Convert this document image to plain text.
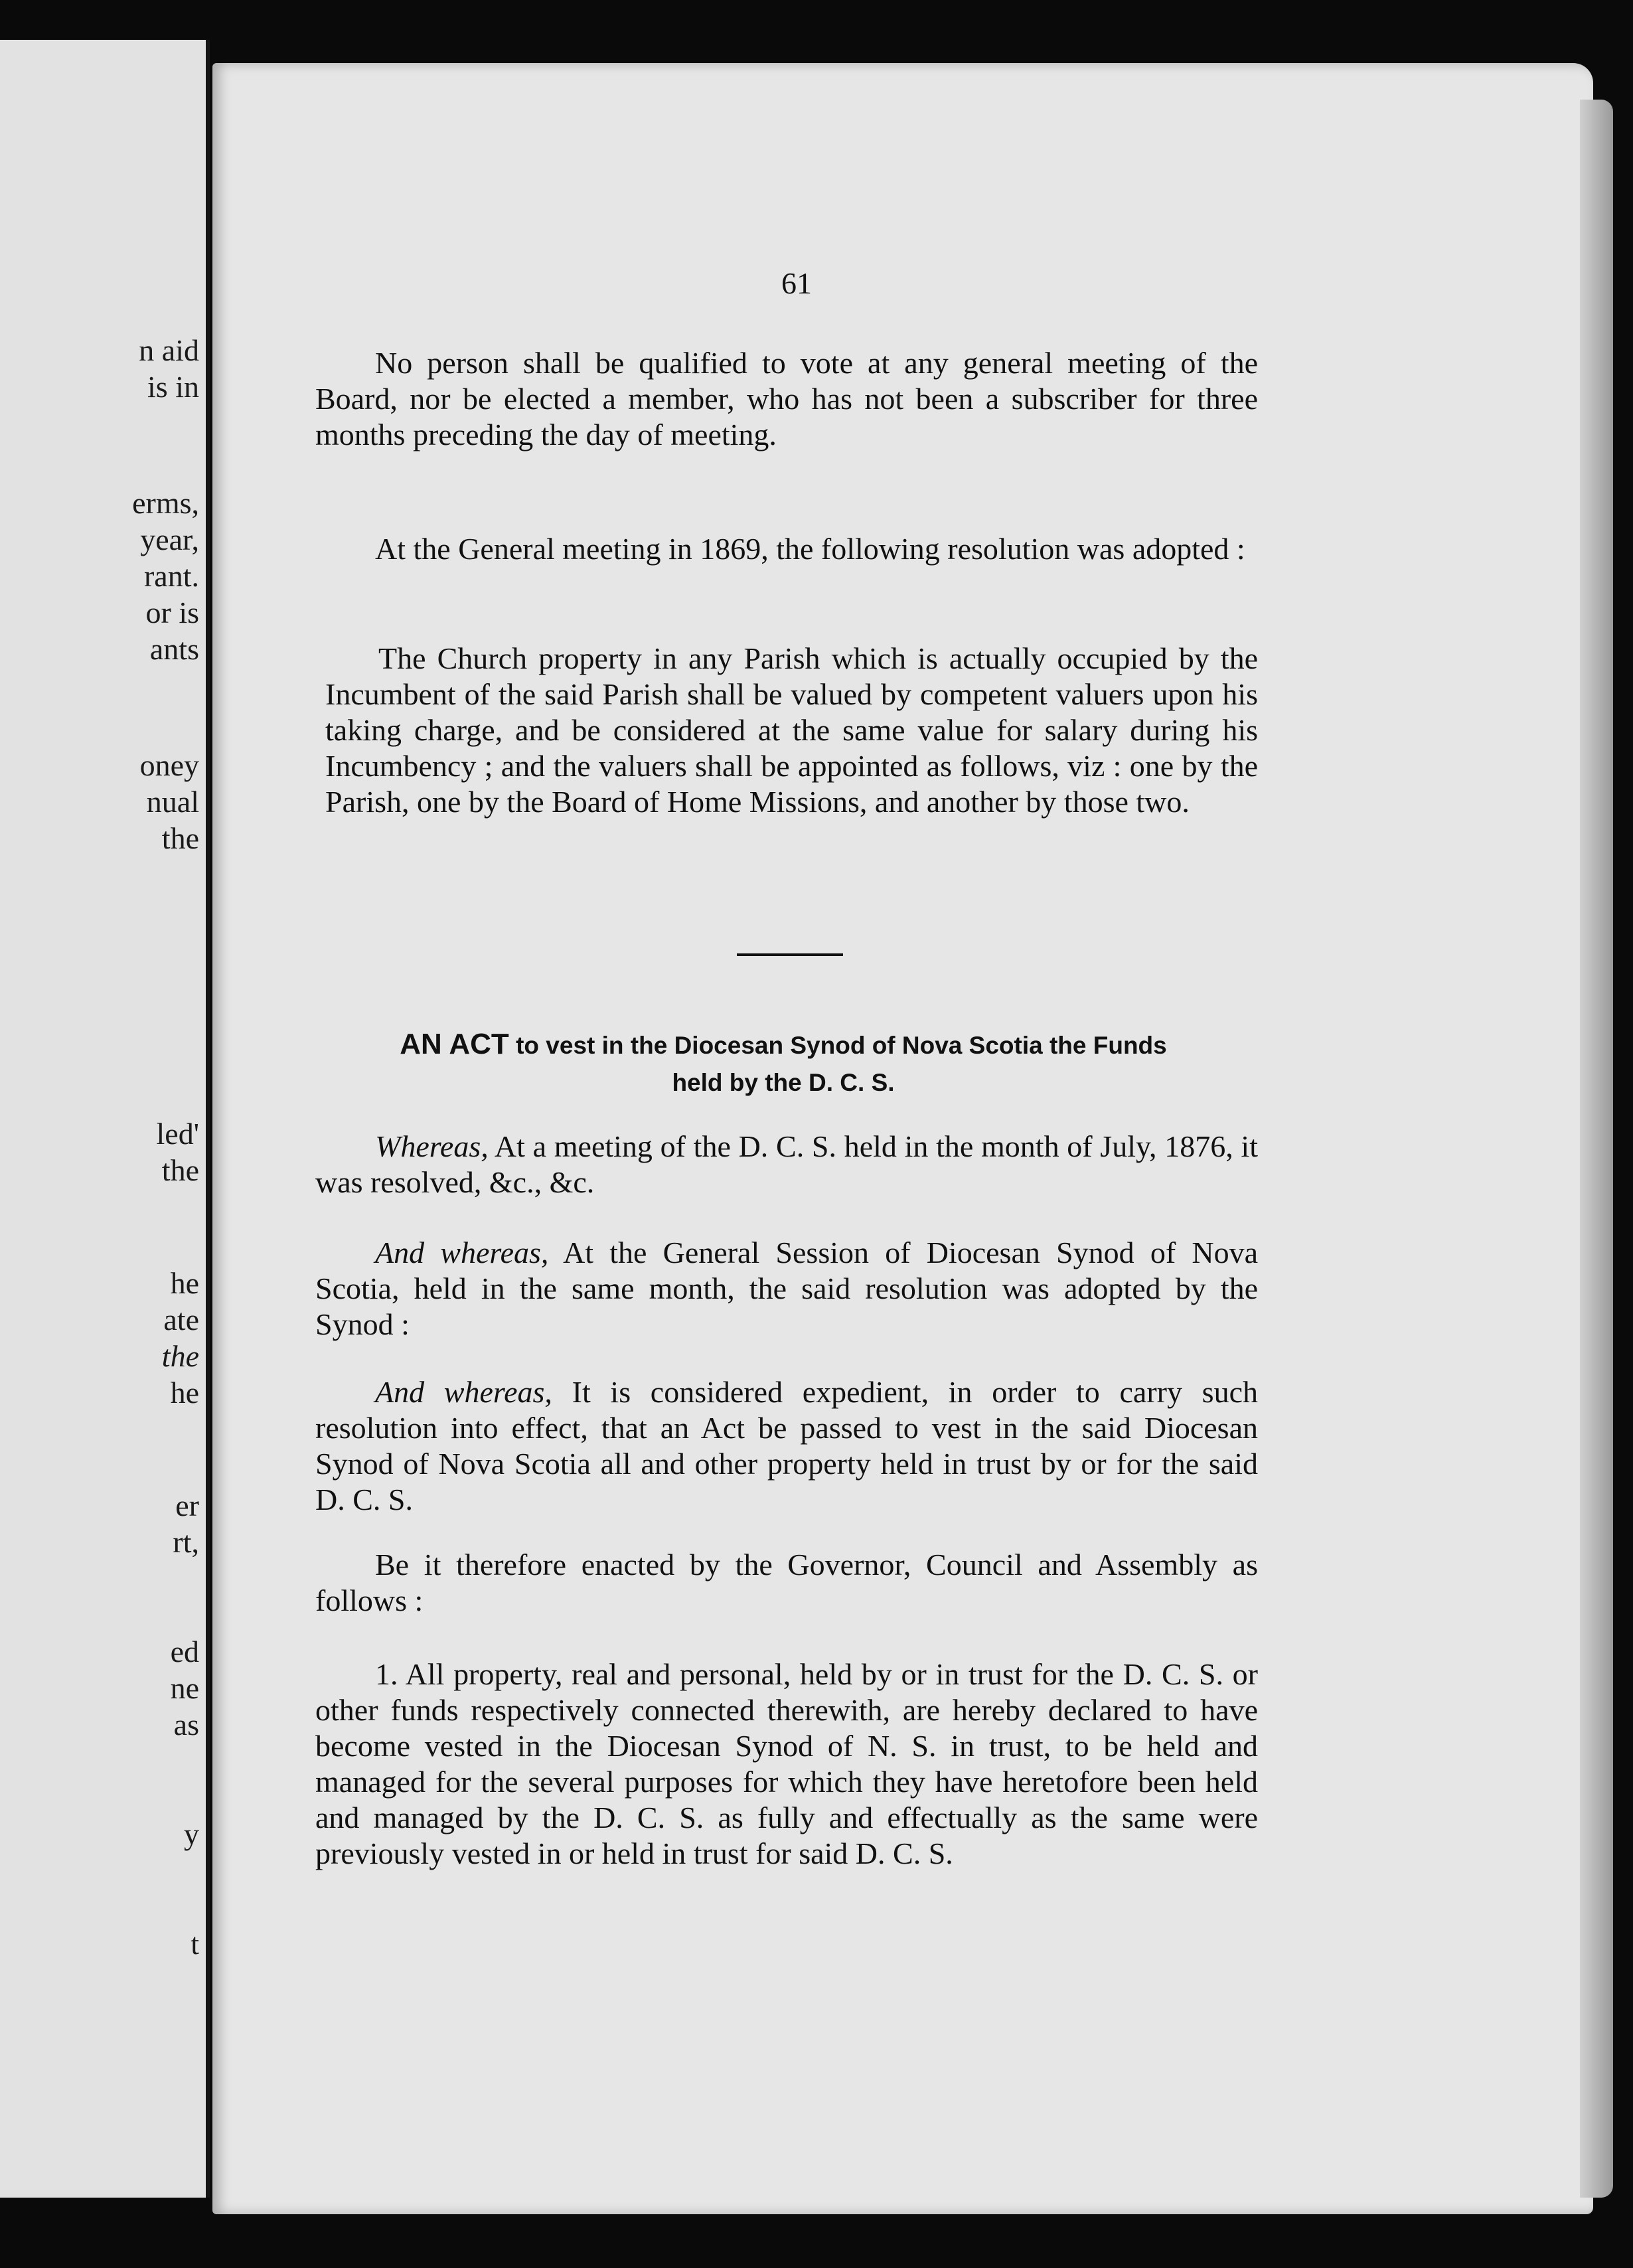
n aid
is in
erms,
year,
rant.
or is
ants
oney
nual
the
led'
the
he
ate
the
he
er
rt,
ed
ne
as
y
t
61
No person shall be qualified to vote at any general meeting of the Board, nor be elected a member, who has not been a subscriber for three months preceding the day of meeting.
At the General meeting in 1869, the following resolution was adopted :
The Church property in any Parish which is actually occupied by the Incumbent of the said Parish shall be valued by competent valuers upon his taking charge, and be considered at the same value for salary during his Incumbency ; and the valuers shall be appointed as follows, viz : one by the Parish, one by the Board of Home Missions, and another by those two.
AN ACT to vest in the Diocesan Synod of Nova Scotia the Funds
held by the D. C. S.
Whereas, At a meeting of the D. C. S. held in the month of July, 1876, it was resolved, &c., &c.
And whereas, At the General Session of Diocesan Synod of Nova Scotia, held in the same month, the said resolution was adopted by the Synod :
And whereas, It is considered expedient, in order to carry such resolution into effect, that an Act be passed to vest in the said Diocesan Synod of Nova Scotia all and other property held in trust by or for the said D. C. S.
Be it therefore enacted by the Governor, Council and Assembly as follows :
1. All property, real and personal, held by or in trust for the D. C. S. or other funds respectively connected therewith, are hereby declared to have become vested in the Diocesan Synod of N. S. in trust, to be held and managed for the several purposes for which they have heretofore been held and managed by the D. C. S. as fully and effectually as the same were previously vested in or held in trust for said D. C. S.
